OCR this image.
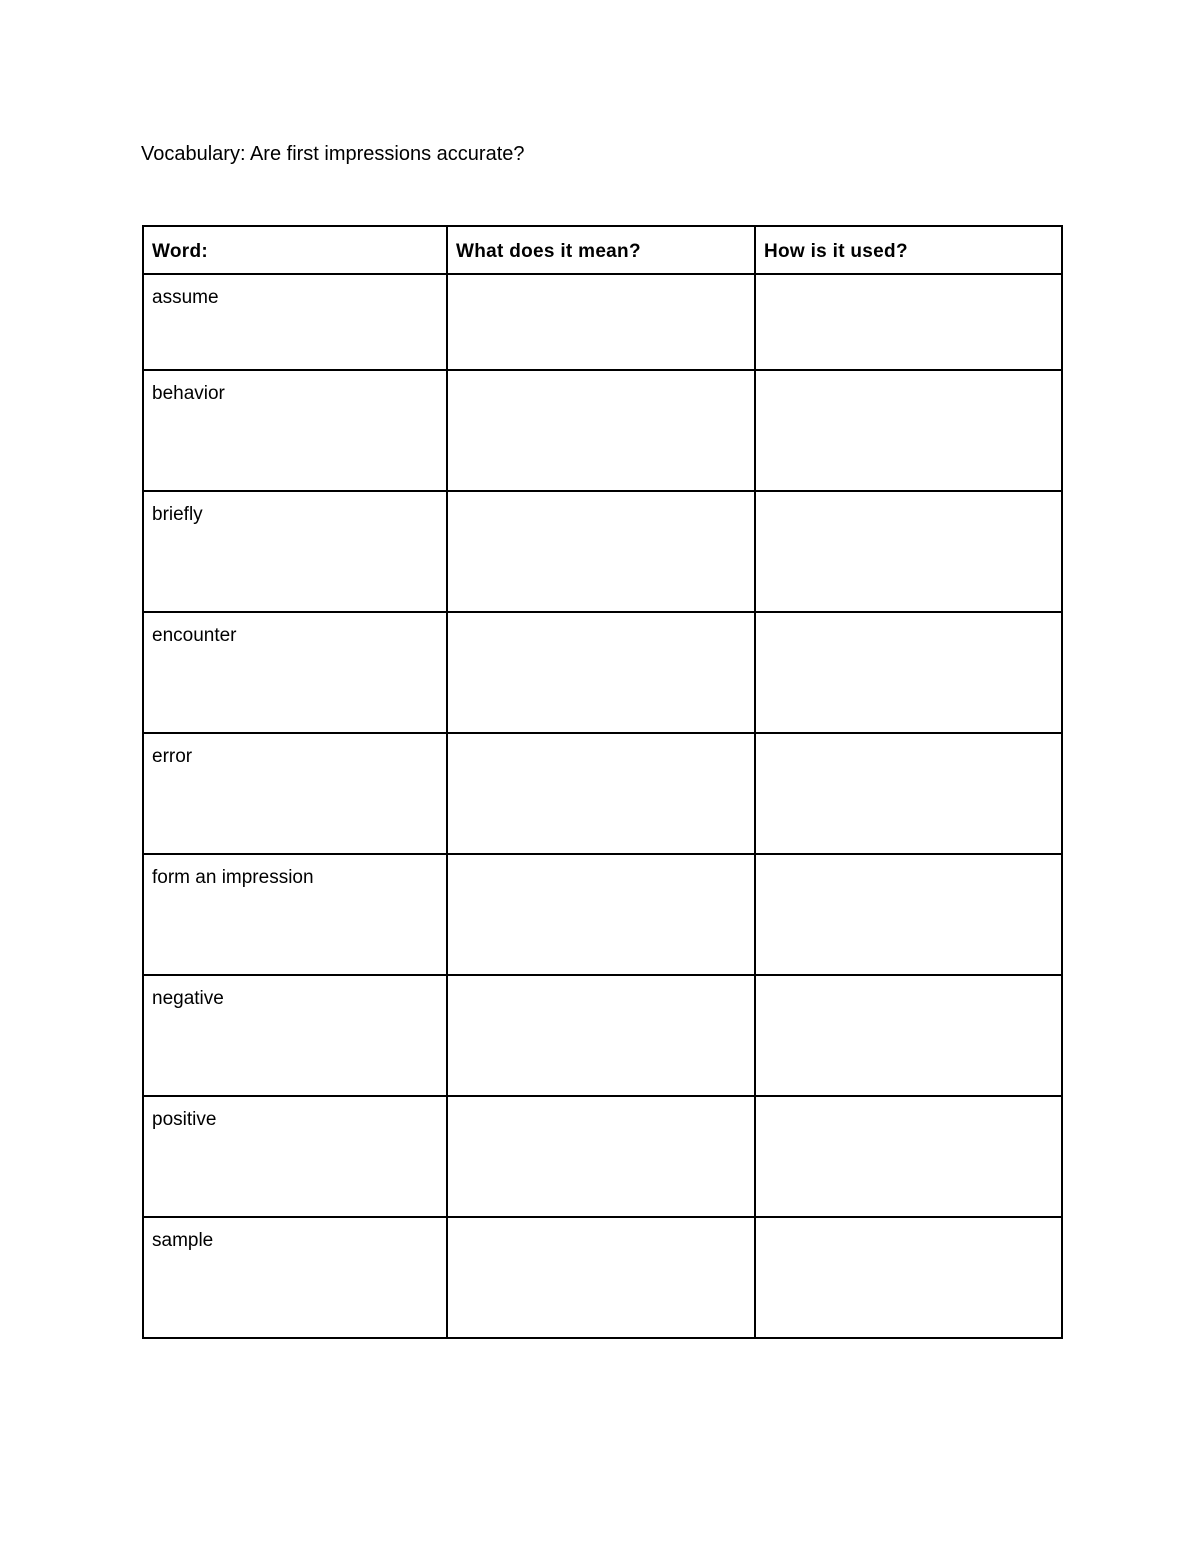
Vocabulary: Are first impressions accurate?
Word:	What does it mean?	How is it used?
assume		
behavior		
briefly		
encounter		
error		
form an impression		
negative		
positive		
sample		
